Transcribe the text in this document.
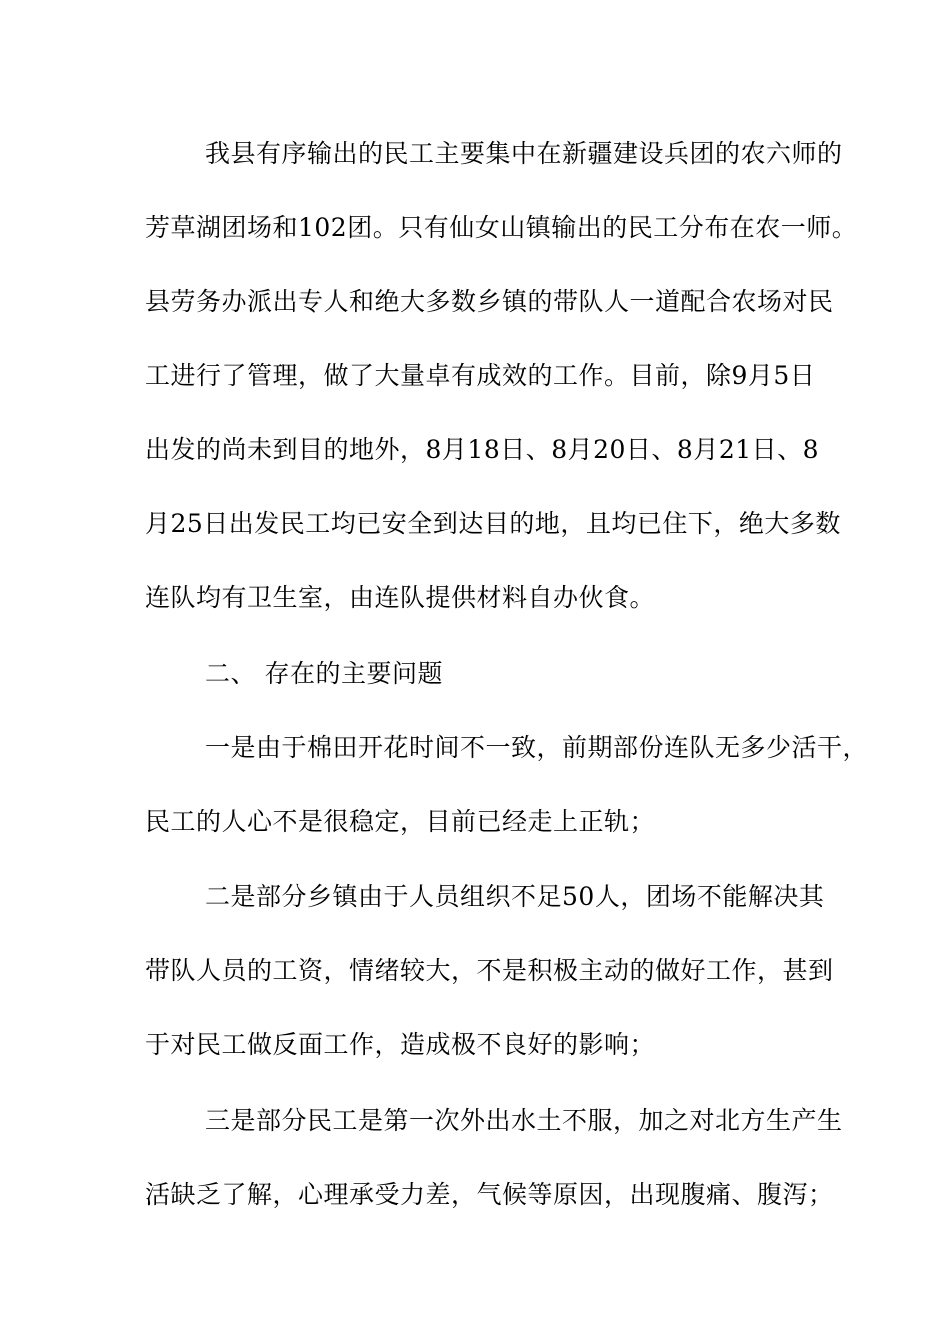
我县有序输出的民工主要集中在新疆建设兵团的农六师的
芳草湖团场和102团。只有仙女山镇输出的民工分布在农一师。
县劳务办派出专人和绝大多数乡镇的带队人一道配合农场对民
工进行了管理，做了大量卓有成效的工作。目前，除9月5日
出发的尚未到目的地外，8月18日、8月20日、8月21日、8
月25日出发民工均已安全到达目的地，且均已住下，绝大多数
连队均有卫生室，由连队提供材料自办伙食。
二、 存在的主要问题
一是由于棉田开花时间不一致，前期部份连队无多少活干，
民工的人心不是很稳定，目前已经走上正轨；
二是部分乡镇由于人员组织不足50人，团场不能解决其
带队人员的工资，情绪较大，不是积极主动的做好工作，甚到
于对民工做反面工作，造成极不良好的影响；
三是部分民工是第一次外出水土不服，加之对北方生产生
活缺乏了解，心理承受力差，气候等原因，出现腹痛、腹泻；
